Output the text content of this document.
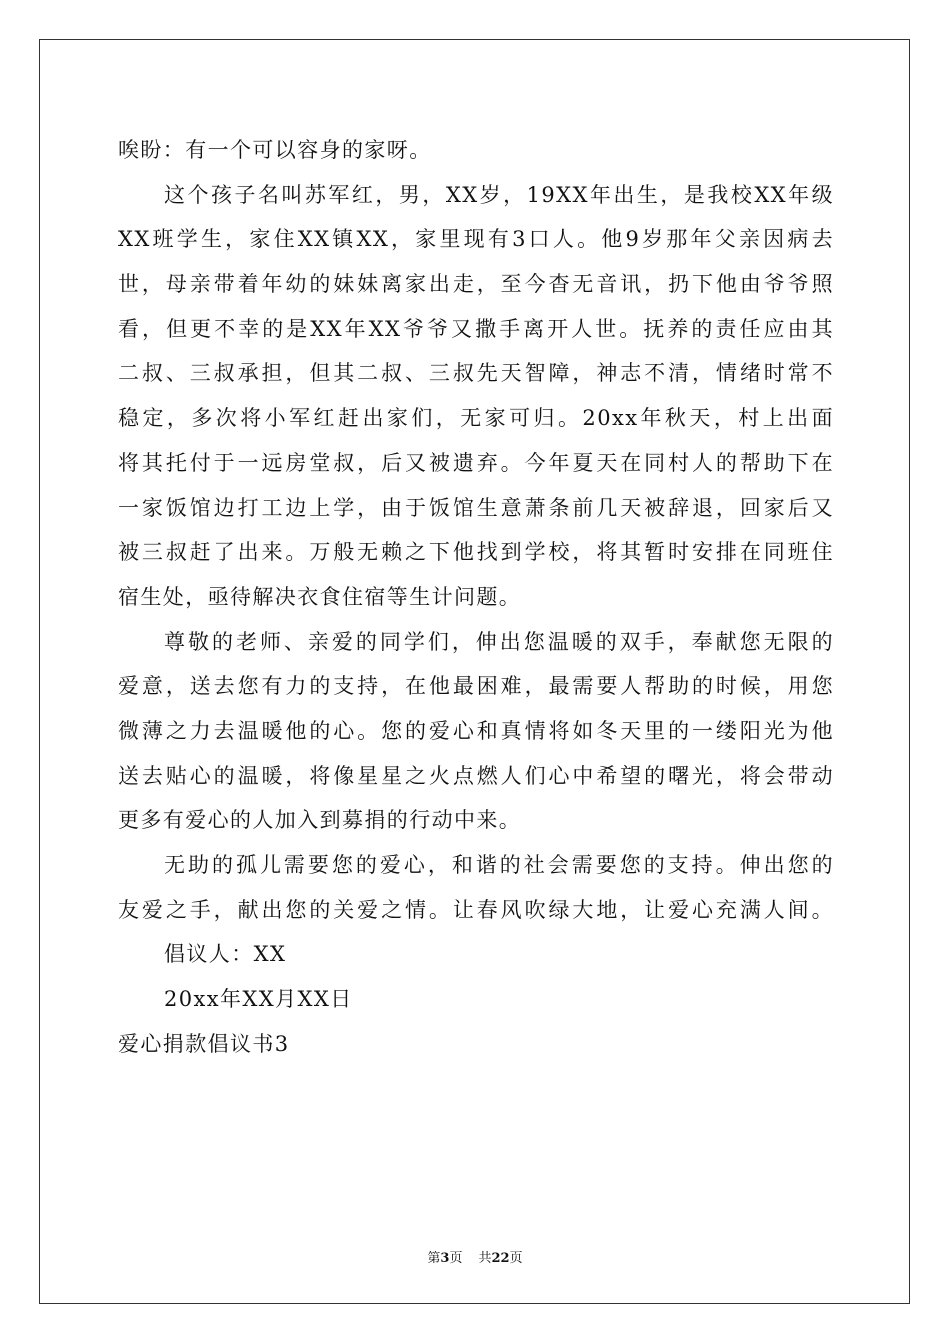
唉盼：有一个可以容身的家呀。
这个孩子名叫苏军红，男，XX岁，19XX年出生，是我校XX年级
XX班学生，家住XX镇XX，家里现有3口人。他9岁那年父亲因病去
世，母亲带着年幼的妹妹离家出走，至今杳无音讯，扔下他由爷爷照
看，但更不幸的是XX年XX爷爷又撒手离开人世。抚养的责任应由其
二叔、三叔承担，但其二叔、三叔先天智障，神志不清，情绪时常不
稳定，多次将小军红赶出家们，无家可归。20xx年秋天，村上出面
将其托付于一远房堂叔，后又被遗弃。今年夏天在同村人的帮助下在
一家饭馆边打工边上学，由于饭馆生意萧条前几天被辞退，回家后又
被三叔赶了出来。万般无赖之下他找到学校，将其暂时安排在同班住
宿生处，亟待解决衣食住宿等生计问题。
尊敬的老师、亲爱的同学们，伸出您温暖的双手，奉献您无限的
爱意，送去您有力的支持，在他最困难，最需要人帮助的时候，用您
微薄之力去温暖他的心。您的爱心和真情将如冬天里的一缕阳光为他
送去贴心的温暖，将像星星之火点燃人们心中希望的曙光，将会带动
更多有爱心的人加入到募捐的行动中来。
无助的孤儿需要您的爱心，和谐的社会需要您的支持。伸出您的
友爱之手，献出您的关爱之情。让春风吹绿大地，让爱心充满人间。
倡议人：XX
20xx年XX月XX日
爱心捐款倡议书3
第3页 共22页
